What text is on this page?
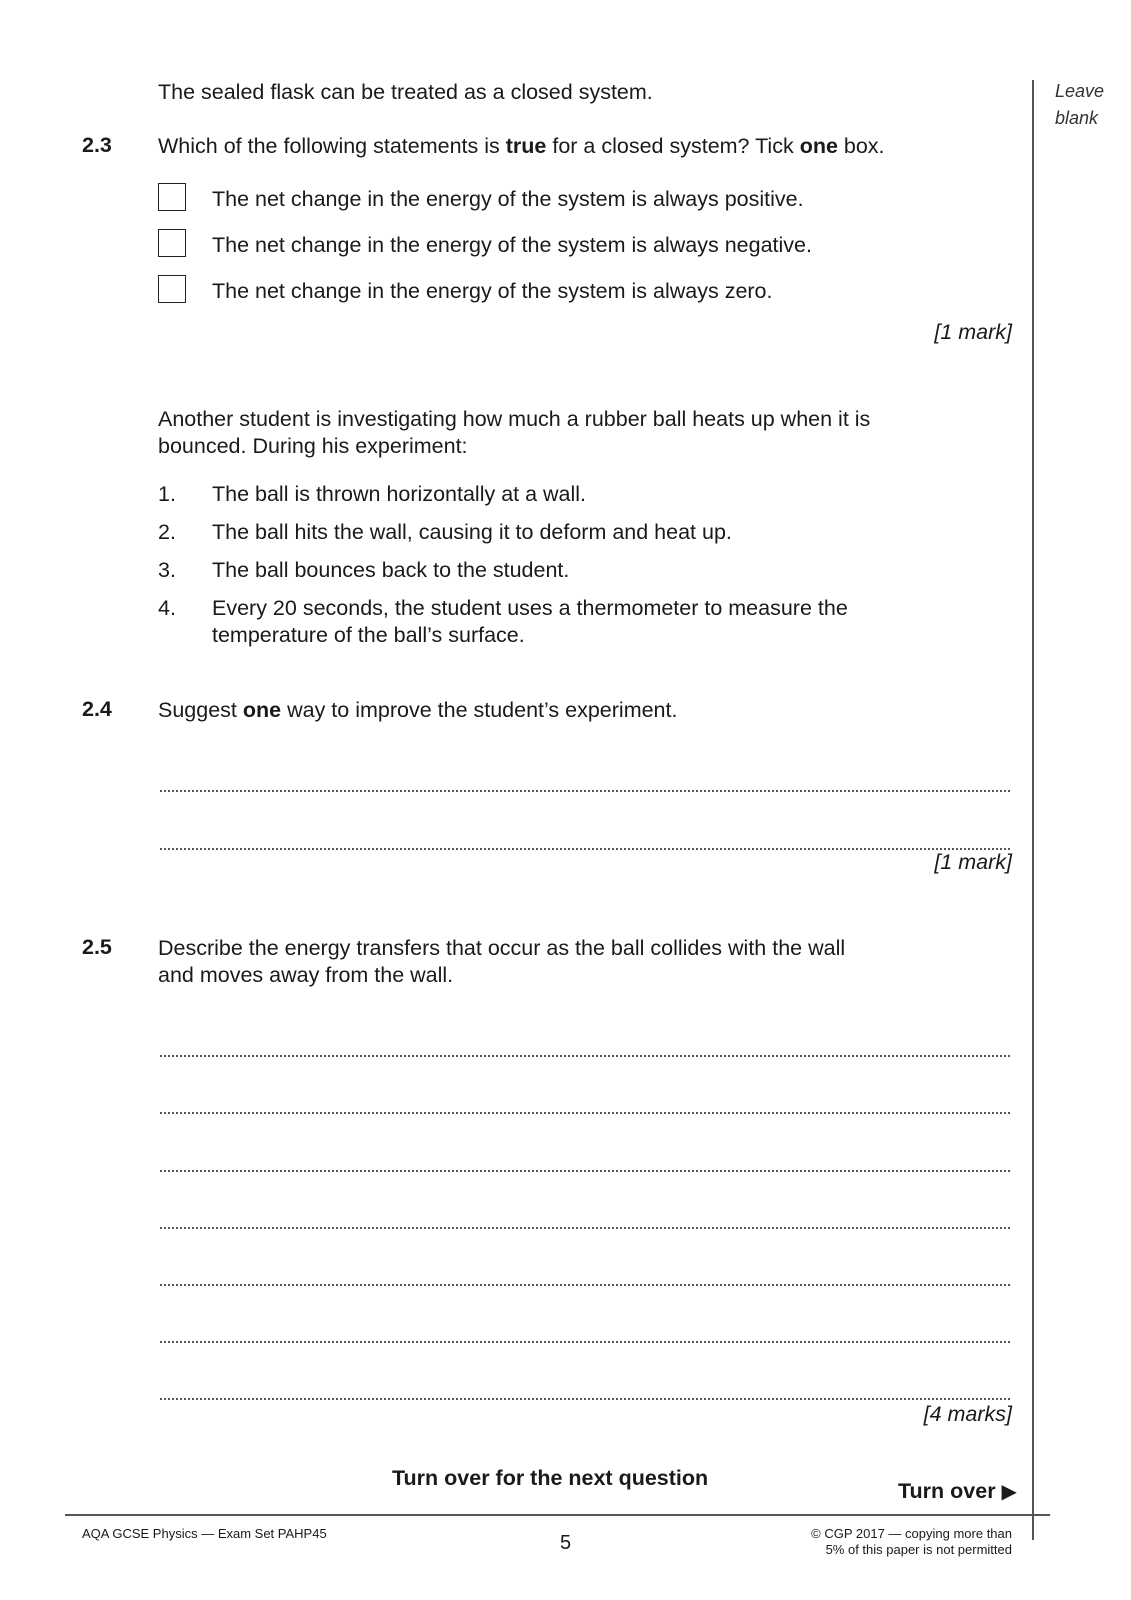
Leave
blank
The sealed flask can be treated as a closed system.
2.3 Which of the following statements is true for a closed system? Tick one box.
The net change in the energy of the system is always positive.
The net change in the energy of the system is always negative.
The net change in the energy of the system is always zero.
[1 mark]
Another student is investigating how much a rubber ball heats up when it is
bounced. During his experiment:
1. The ball is thrown horizontally at a wall.
2. The ball hits the wall, causing it to deform and heat up.
3. The ball bounces back to the student.
4. Every 20 seconds, the student uses a thermometer to measure the
temperature of the ball’s surface.
2.4 Suggest one way to improve the student’s experiment.
[1 mark]
2.5 Describe the energy transfers that occur as the ball collides with the wall
and moves away from the wall.
[4 marks]
Turn over for the next question
Turn over ▶
AQA GCSE Physics — Exam Set PAHP45	5	© CGP 2017 — copying more than
5% of this paper is not permitted
